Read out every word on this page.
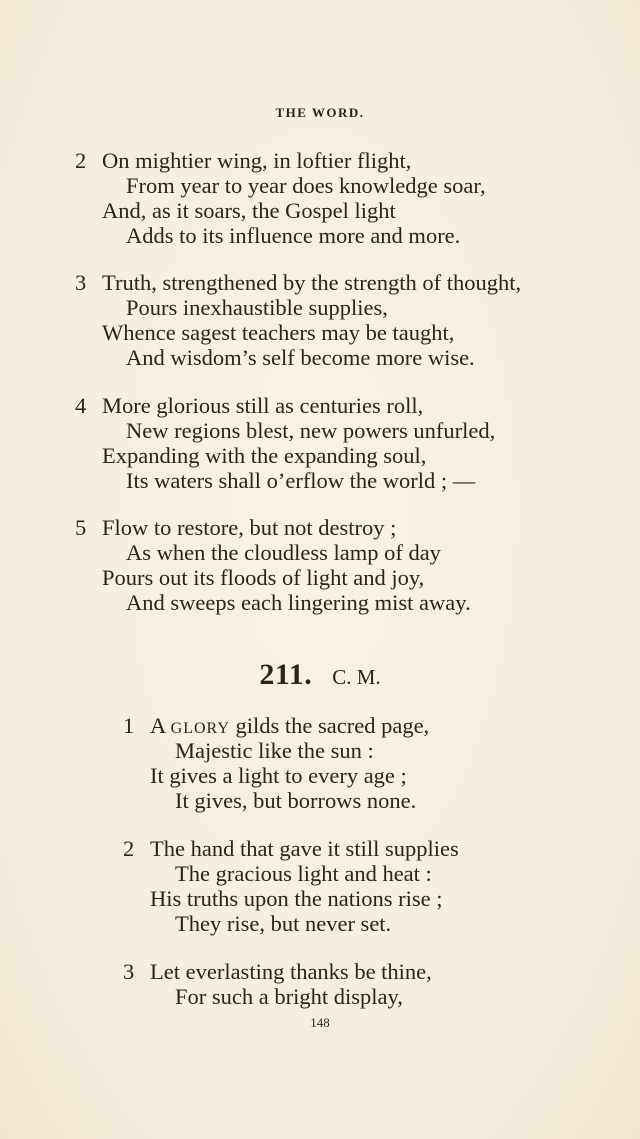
THE WORD.
2 On mightier wing, in loftier flight,
From year to year does knowledge soar,
And, as it soars, the Gospel light
Adds to its influence more and more.
3 Truth, strengthened by the strength of thought,
Pours inexhaustible supplies,
Whence sagest teachers may be taught,
And wisdom’s self become more wise.
4 More glorious still as centuries roll,
New regions blest, new powers unfurled,
Expanding with the expanding soul,
Its waters shall o’erflow the world ; —
5 Flow to restore, but not destroy ;
As when the cloudless lamp of day
Pours out its floods of light and joy,
And sweeps each lingering mist away.
211. C. M.
1 A glory gilds the sacred page,
Majestic like the sun :
It gives a light to every age ;
It gives, but borrows none.
2 The hand that gave it still supplies
The gracious light and heat :
His truths upon the nations rise ;
They rise, but never set.
3 Let everlasting thanks be thine,
For such a bright display,
148
